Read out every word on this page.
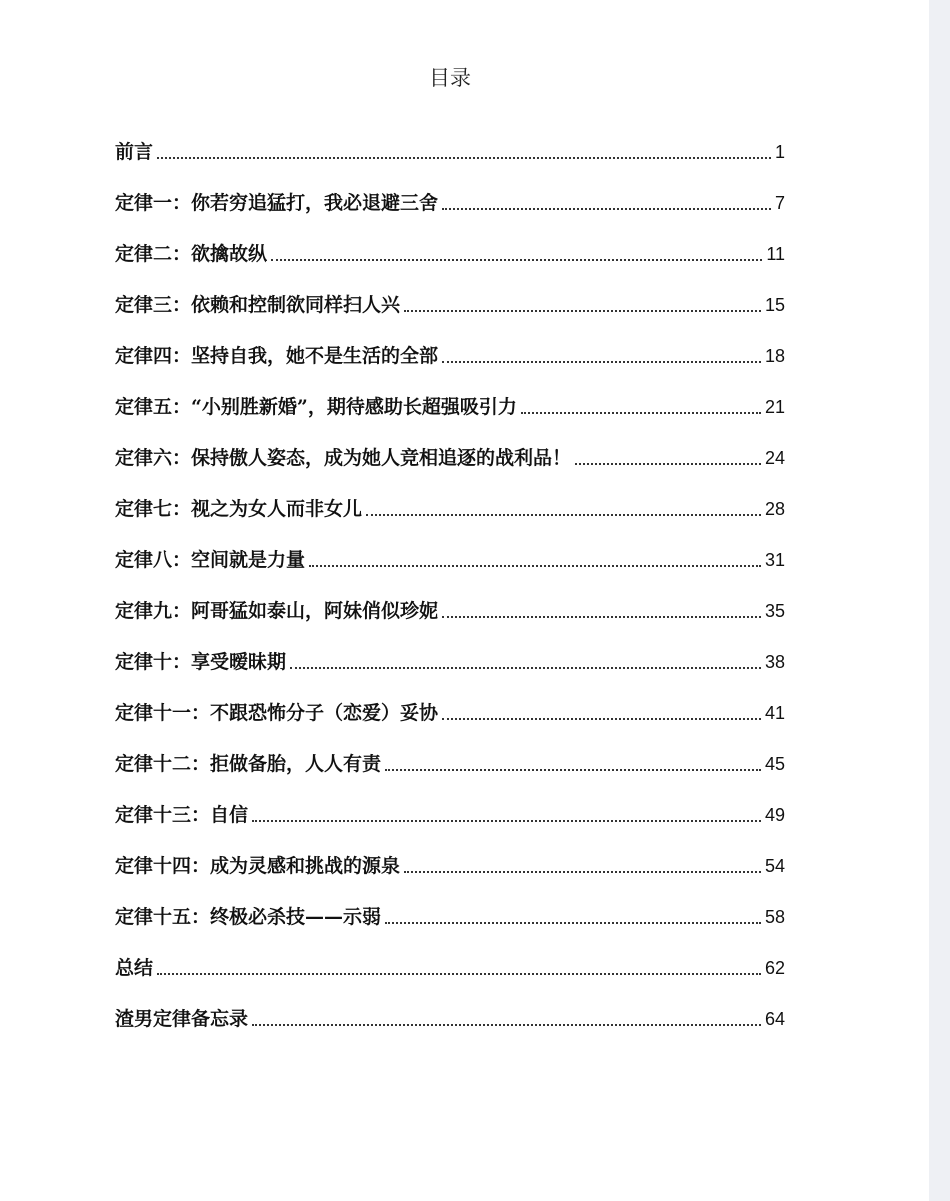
目录
前言	1
定律一：你若穷追猛打，我必退避三舍	7
定律二：欲擒故纵	11
定律三：依赖和控制欲同样扫人兴	15
定律四：坚持自我，她不是生活的全部	18
定律五：“小别胜新婚”，期待感助长超强吸引力	21
定律六：保持傲人姿态，成为她人竞相追逐的战利品！	24
定律七：视之为女人而非女儿	28
定律八：空间就是力量	31
定律九：阿哥猛如泰山，阿妹俏似珍妮	35
定律十：享受暧昧期	38
定律十一：不跟恐怖分子（恋爱）妥协	41
定律十二：拒做备胎，人人有责	45
定律十三：自信	49
定律十四：成为灵感和挑战的源泉	54
定律十五：终极必杀技——示弱	58
总结	62
渣男定律备忘录	64
